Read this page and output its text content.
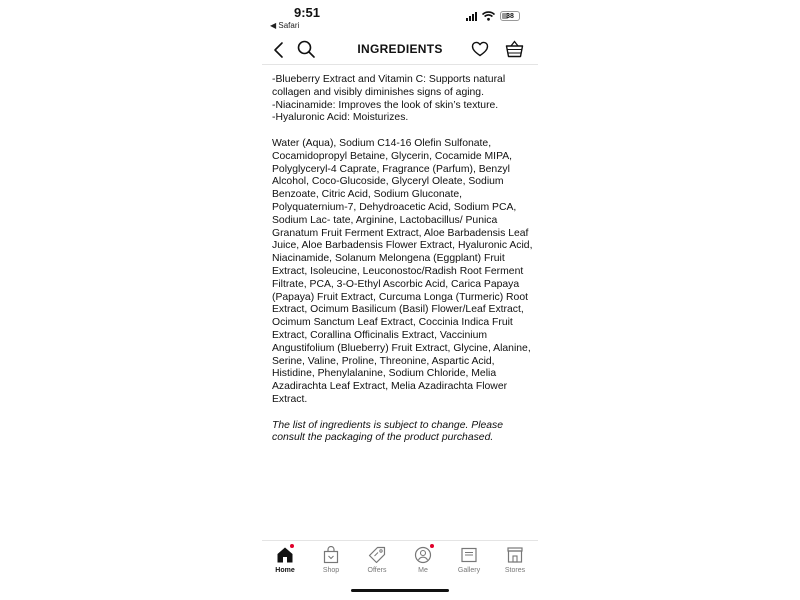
9:51
◀ Safari
38
INGREDIENTS

-Blueberry Extract and Vitamin C: Supports natural collagen and visibly diminishes signs of aging.
-Niacinamide: Improves the look of skin’s texture.
-Hyaluronic Acid: Moisturizes.

Water (Aqua), Sodium C14-16 Olefin Sulfonate, Cocamidopropyl Betaine, Glycerin, Cocamide MIPA, Polyglyceryl-4 Caprate, Fragrance (Parfum), Benzyl Alcohol, Coco-Glucoside, Glyceryl Oleate, Sodium Benzoate, Citric Acid, Sodium Gluconate, Polyquaternium-7, Dehydroacetic Acid, Sodium PCA, Sodium Lac- tate, Arginine, Lactobacillus/ Punica Granatum Fruit Ferment Extract, Aloe Barbadensis Leaf Juice, Aloe Barbadensis Flower Extract, Hyaluronic Acid, Niacinamide, Solanum Melongena (Eggplant) Fruit Extract, Isoleucine, Leuconostoc/Radish Root Ferment Filtrate, PCA, 3-O-Ethyl Ascorbic Acid, Carica Papaya (Papaya) Fruit Extract, Curcuma Longa (Turmeric) Root Extract, Ocimum Basilicum (Basil) Flower/Leaf Extract, Ocimum Sanctum Leaf Extract, Coccinia Indica Fruit Extract, Corallina Officinalis Extract, Vaccinium Angustifolium (Blueberry) Fruit Extract, Glycine, Alanine, Serine, Valine, Proline, Threonine, Aspartic Acid, Histidine, Phenylalanine, Sodium Chloride, Melia Azadirachta Leaf Extract, Melia Azadirachta Flower Extract.

The list of ingredients is subject to change. Please consult the packaging of the product purchased.

Home	Shop	Offers	Me	Gallery	Stores
